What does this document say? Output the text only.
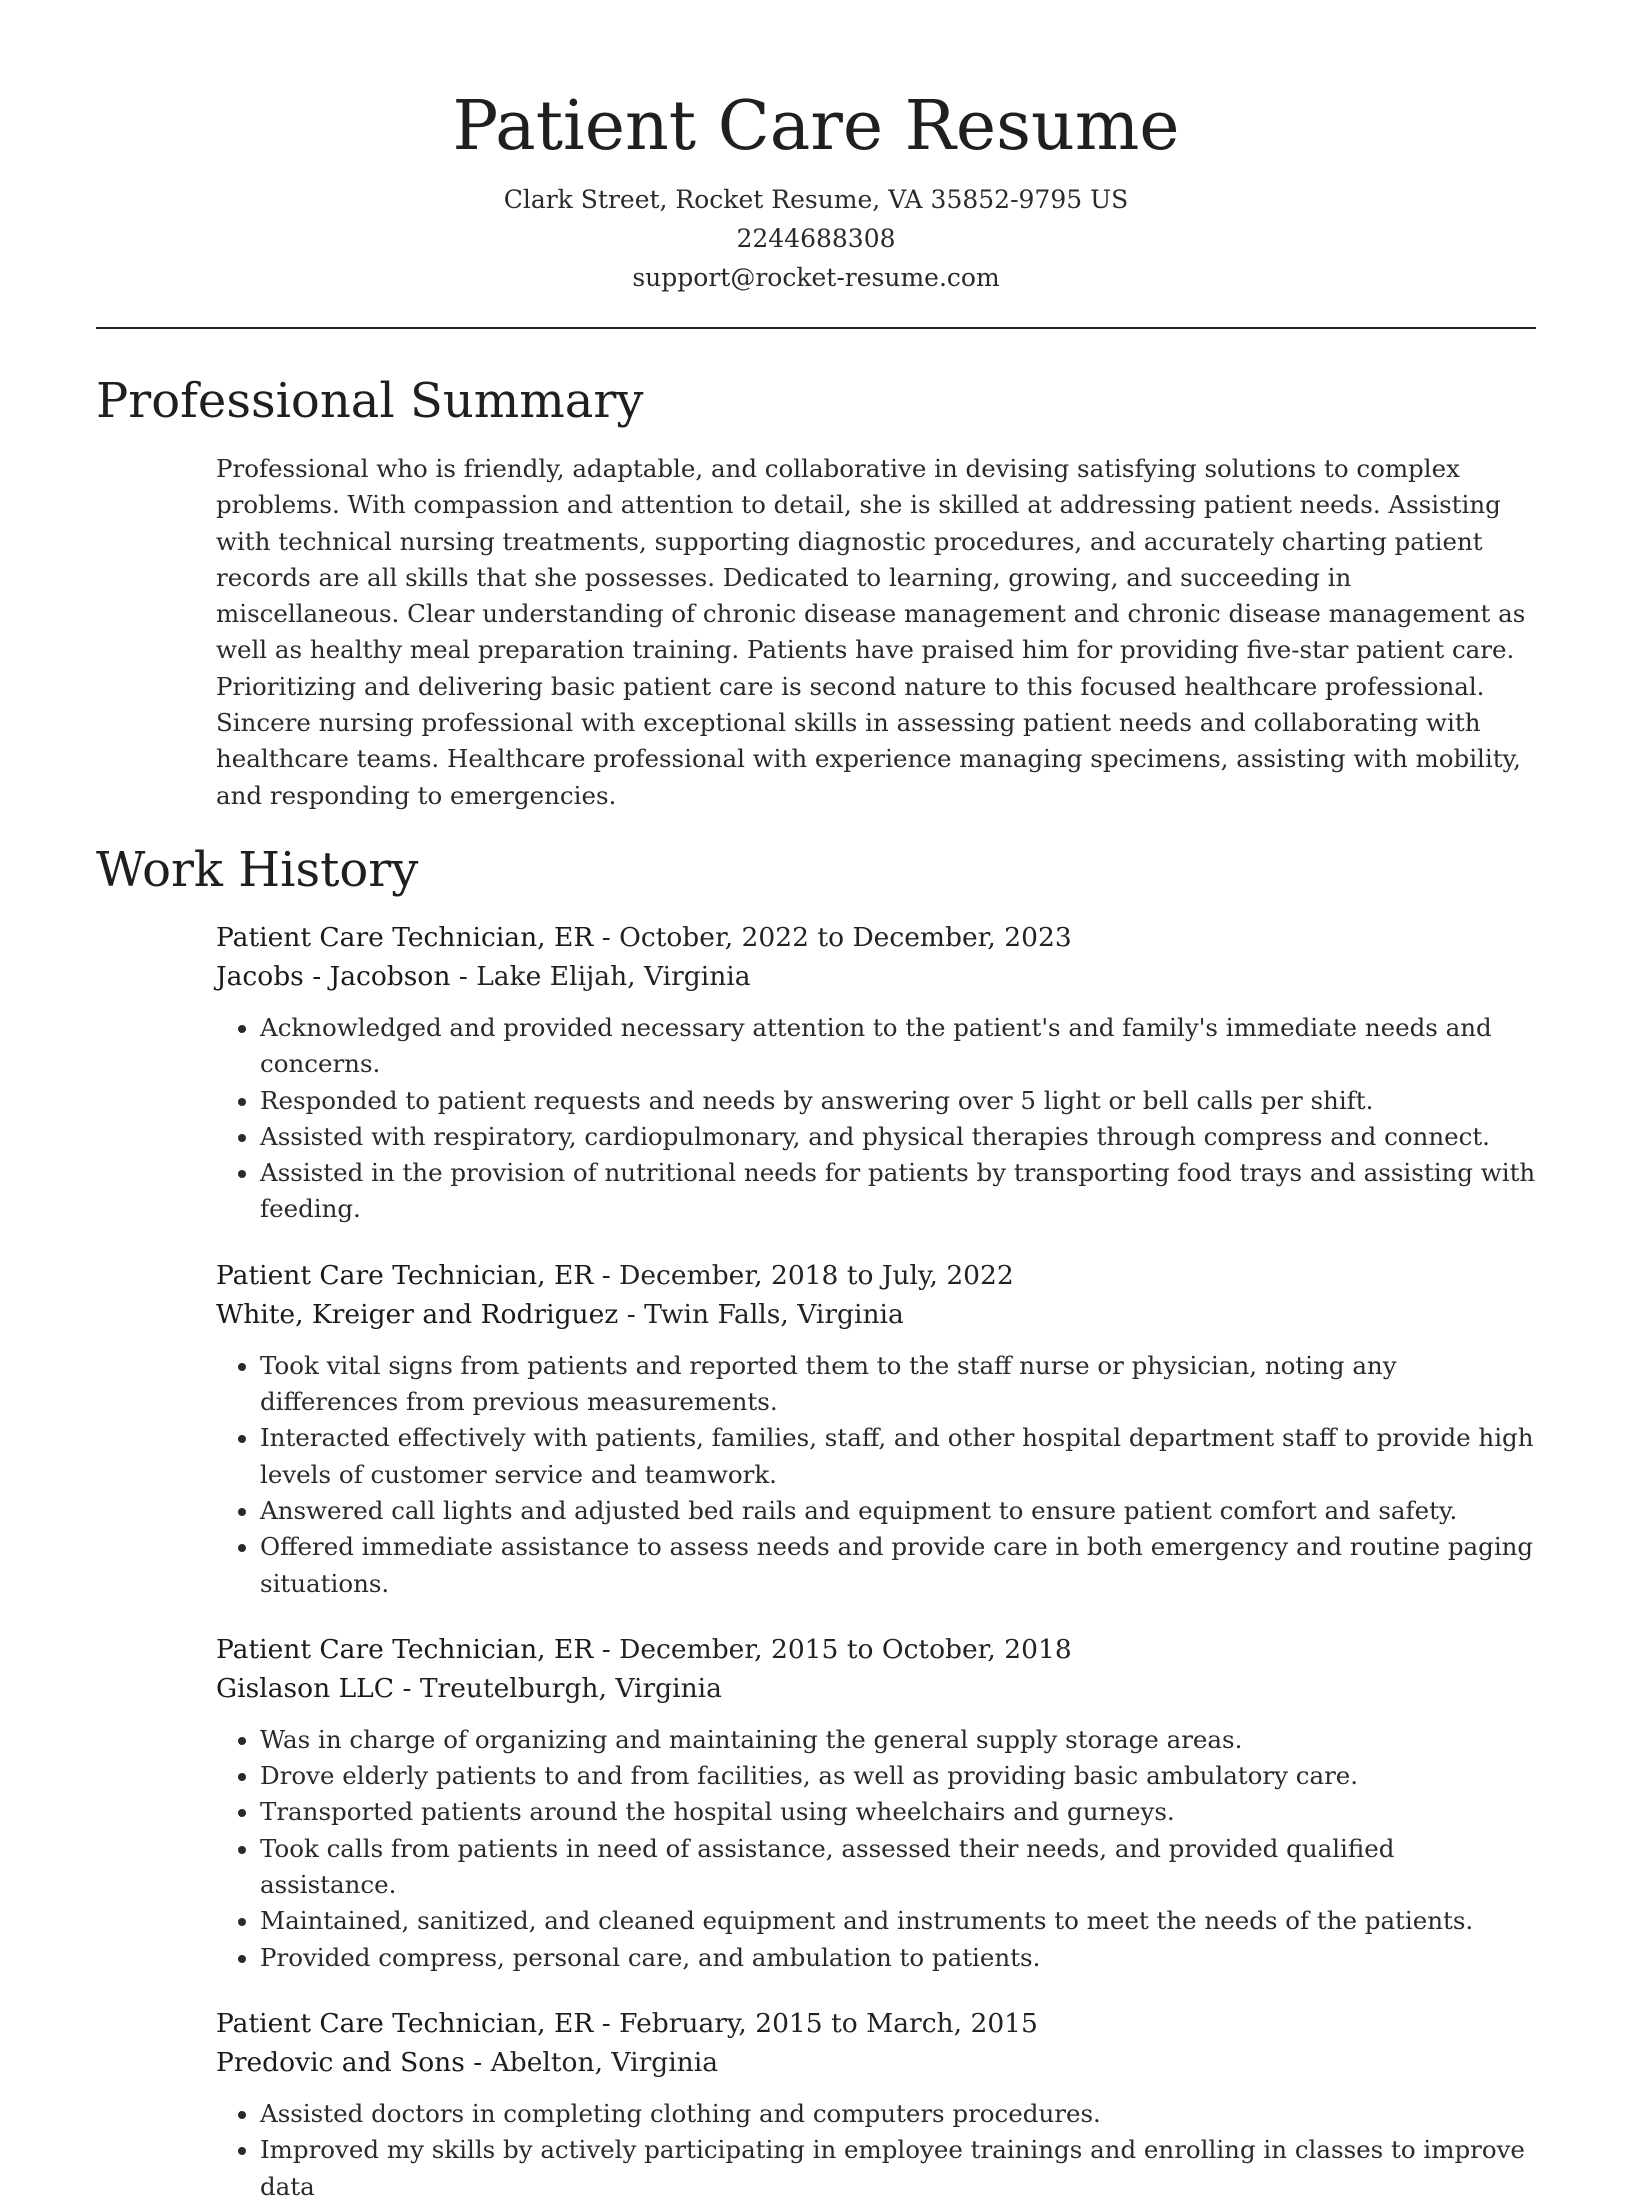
Patient Care Resume
Clark Street, Rocket Resume, VA 35852-9795 US
2244688308
support@rocket-resume.com
Professional Summary

Professional who is friendly, adaptable, and collaborative in devising satisfying solutions to complex problems. With compassion and attention to detail, she is skilled at addressing patient needs. Assisting with technical nursing treatments, supporting diagnostic procedures, and accurately charting patient records are all skills that she possesses. Dedicated to learning, growing, and succeeding in miscellaneous. Clear understanding of chronic disease management and chronic disease management as well as healthy meal preparation training. Patients have praised him for providing five-star patient care. Prioritizing and delivering basic patient care is second nature to this focused healthcare professional. Sincere nursing professional with exceptional skills in assessing patient needs and collaborating with healthcare teams. Healthcare professional with experience managing specimens, assisting with mobility, and responding to emergencies.

Work History
Patient Care Technician, ER - October, 2022 to December, 2023
Jacobs - Jacobson - Lake Elijah, Virginia
• Acknowledged and provided necessary attention to the patient's and family's immediate needs and concerns.
• Responded to patient requests and needs by answering over 5 light or bell calls per shift.
• Assisted with respiratory, cardiopulmonary, and physical therapies through compress and connect.
• Assisted in the provision of nutritional needs for patients by transporting food trays and assisting with feeding.
Patient Care Technician, ER - December, 2018 to July, 2022
White, Kreiger and Rodriguez - Twin Falls, Virginia
• Took vital signs from patients and reported them to the staff nurse or physician, noting any differences from previous measurements.
• Interacted effectively with patients, families, staff, and other hospital department staff to provide high levels of customer service and teamwork.
• Answered call lights and adjusted bed rails and equipment to ensure patient comfort and safety.
• Offered immediate assistance to assess needs and provide care in both emergency and routine paging situations.
Patient Care Technician, ER - December, 2015 to October, 2018
Gislason LLC - Treutelburgh, Virginia
• Was in charge of organizing and maintaining the general supply storage areas.
• Drove elderly patients to and from facilities, as well as providing basic ambulatory care.
• Transported patients around the hospital using wheelchairs and gurneys.
• Took calls from patients in need of assistance, assessed their needs, and provided qualified assistance.
• Maintained, sanitized, and cleaned equipment and instruments to meet the needs of the patients.
• Provided compress, personal care, and ambulation to patients.
Patient Care Technician, ER - February, 2015 to March, 2015
Predovic and Sons - Abelton, Virginia
• Assisted doctors in completing clothing and computers procedures.
• Improved my skills by actively participating in employee trainings and enrolling in classes to improve data
